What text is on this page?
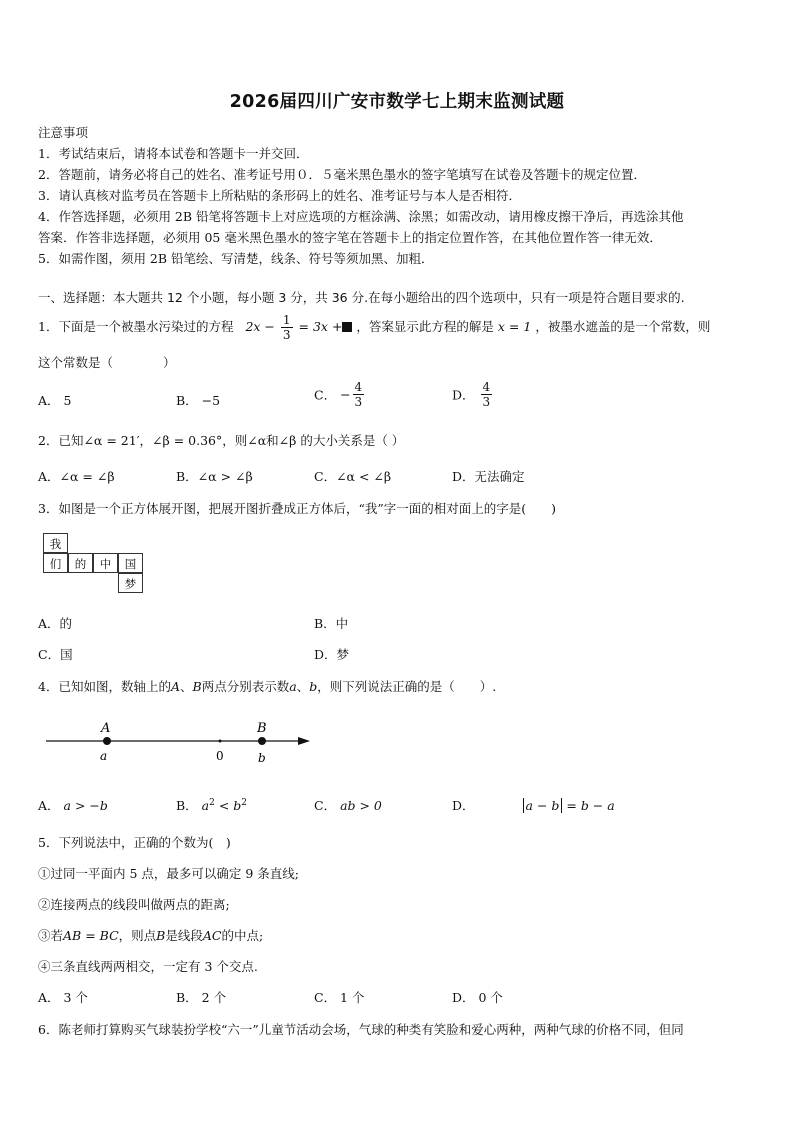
2026届四川广安市数学七上期末监测试题
注意事项
1．考试结束后，请将本试卷和答题卡一并交回．
2．答题前，请务必将自己的姓名、准考证号用０．５毫米黑色墨水的签字笔填写在试卷及答题卡的规定位置．
3．请认真核对监考员在答题卡上所粘贴的条形码上的姓名、准考证号与本人是否相符．
4．作答选择题，必须用 2B 铅笔将答题卡上对应选项的方框涂满、涂黑；如需改动，请用橡皮擦干净后，再选涂其他
答案．作答非选择题，必须用 05 毫米黑色墨水的签字笔在答题卡上的指定位置作答，在其他位置作答一律无效．
5．如需作图，须用 2B 铅笔绘、写清楚，线条、符号等须加黑、加粗．
一、选择题：本大题共 12 个小题，每小题 3 分，共 36 分.在每小题给出的四个选项中，只有一项是符合题目要求的.
1．下面是一个被墨水污染过的方程 $2x - \frac{1}{3} = 3x$ + ，答案显示此方程的解是 x = 1 ，被墨水遮盖的是一个常数，则
这个常数是（　　　　）
A． 5	B． −5	C． − $\frac{4}{3}$	D． $\frac{4}{3}$
2．已知∠α = 21′，∠β = 0.36°，则∠α和∠β 的大小关系是（ ）
A．∠α = ∠β	B．∠α > ∠β	C．∠α < ∠β	D．无法确定
3．如图是一个正方体展开图，把展开图折叠成正方体后，“我”字一面的相对面上的字是(　　)
我
们	的	中	国
梦
A．的	B．中
C．国	D．梦
4．已知如图，数轴上的A、B两点分别表示数a、b，则下列说法正确的是（　　）.
A	B
a	0	b
A． a > −b	B． $a^2 < b^2$	C． ab > 0	D．	a − b = b − a
5．下列说法中，正确的个数为(　)
①过同一平面内 5 点，最多可以确定 9 条直线;
②连接两点的线段叫做两点的距离;
③若AB = BC，则点B是线段AC的中点;
④三条直线两两相交，一定有 3 个交点.
A． 3 个	B． 2 个	C． 1 个	D． 0 个
6．陈老师打算购买气球装扮学校“六一”儿童节活动会场，气球的种类有笑脸和爱心两种，两种气球的价格不同，但同
